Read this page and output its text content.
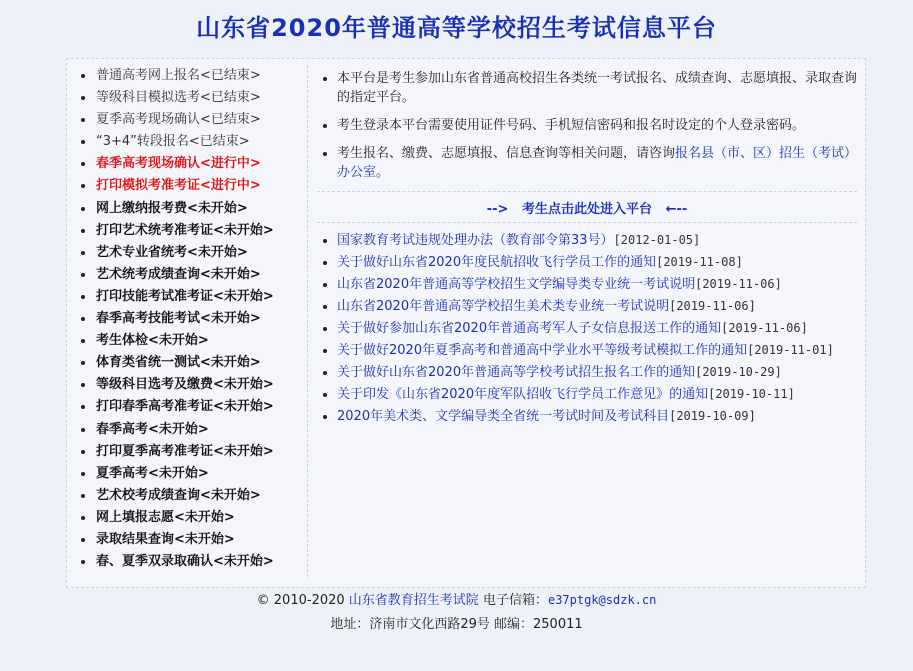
山东省2020年普通高等学校招生考试信息平台
普通高考网上报名<已结束>
等级科目模拟选考<已结束>
夏季高考现场确认<已结束>
“3+4”转段报名<已结束>
春季高考现场确认<进行中>
打印模拟考准考证<进行中>
网上缴纳报考费<未开始>
打印艺术统考准考证<未开始>
艺术专业省统考<未开始>
艺术统考成绩查询<未开始>
打印技能考试准考证<未开始>
春季高考技能考试<未开始>
考生体检<未开始>
体育类省统一测试<未开始>
等级科目选考及缴费<未开始>
打印春季高考准考证<未开始>
春季高考<未开始>
打印夏季高考准考证<未开始>
夏季高考<未开始>
艺术校考成绩查询<未开始>
网上填报志愿<未开始>
录取结果查询<未开始>
春、夏季双录取确认<未开始>

本平台是考生参加山东省普通高校招生各类统一考试报名、成绩查询、志愿填报、录取查询的指定平台。

考生登录本平台需要使用证件号码、手机短信密码和报名时设定的个人登录密码。

考生报名、缴费、志愿填报、信息查询等相关问题，请咨询报名县（市、区）招生（考试）办公室。

--> 考生点击此处进入平台 ←--
国家教育考试违规处理办法（教育部令第33号）[2012-01-05]
关于做好山东省2020年度民航招收飞行学员工作的通知[2019-11-08]
山东省2020年普通高等学校招生文学编导类专业统一考试说明[2019-11-06]
山东省2020年普通高等学校招生美术类专业统一考试说明[2019-11-06]
关于做好参加山东省2020年普通高考军人子女信息报送工作的通知[2019-11-06]
关于做好2020年夏季高考和普通高中学业水平等级考试模拟工作的通知[2019-11-01]
关于做好山东省2020年普通高等学校考试招生报名工作的通知[2019-10-29]
关于印发《山东省2020年度军队招收飞行学员工作意见》的通知[2019-10-11]
2020年美术类、文学编导类全省统一考试时间及考试科目[2019-10-09]
© 2010-2020 山东省教育招生考试院 电子信箱：e37ptgk@sdzk.cn
地址：济南市文化西路29号 邮编：250011
